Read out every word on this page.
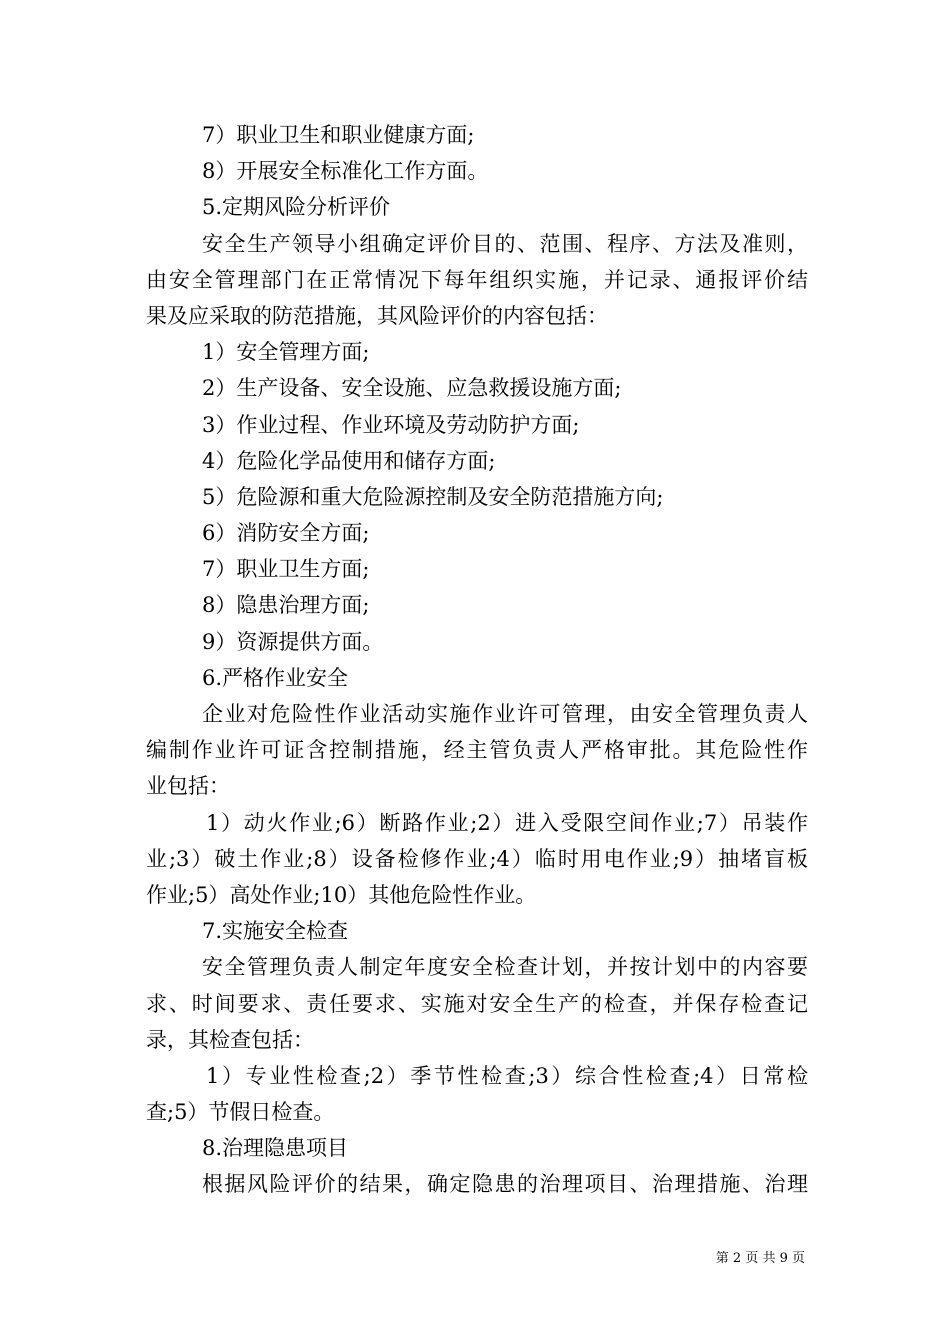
7）职业卫生和职业健康方面;
8）开展安全标准化工作方面。
5.定期风险分析评价
安全生产领导小组确定评价目的、范围、程序、方法及准则，
由安全管理部门在正常情况下每年组织实施，并记录、通报评价结
果及应采取的防范措施，其风险评价的内容包括：
1）安全管理方面;
2）生产设备、安全设施、应急救援设施方面;
3）作业过程、作业环境及劳动防护方面;
4）危险化学品使用和储存方面;
5）危险源和重大危险源控制及安全防范措施方向;
6）消防安全方面;
7）职业卫生方面;
8）隐患治理方面;
9）资源提供方面。
6.严格作业安全
企业对危险性作业活动实施作业许可管理，由安全管理负责人
编制作业许可证含控制措施，经主管负责人严格审批。其危险性作
业包括：
1）动火作业;6）断路作业;2）进入受限空间作业;7）吊装作
业;3）破土作业;8）设备检修作业;4）临时用电作业;9）抽堵盲板
作业;5）高处作业;10）其他危险性作业。
7.实施安全检查
安全管理负责人制定年度安全检查计划，并按计划中的内容要
求、时间要求、责任要求、实施对安全生产的检查，并保存检查记
录，其检查包括：
1）专业性检查;2）季节性检查;3）综合性检查;4）日常检
查;5）节假日检查。
8.治理隐患项目
根据风险评价的结果，确定隐患的治理项目、治理措施、治理
第 2 页 共 9 页
